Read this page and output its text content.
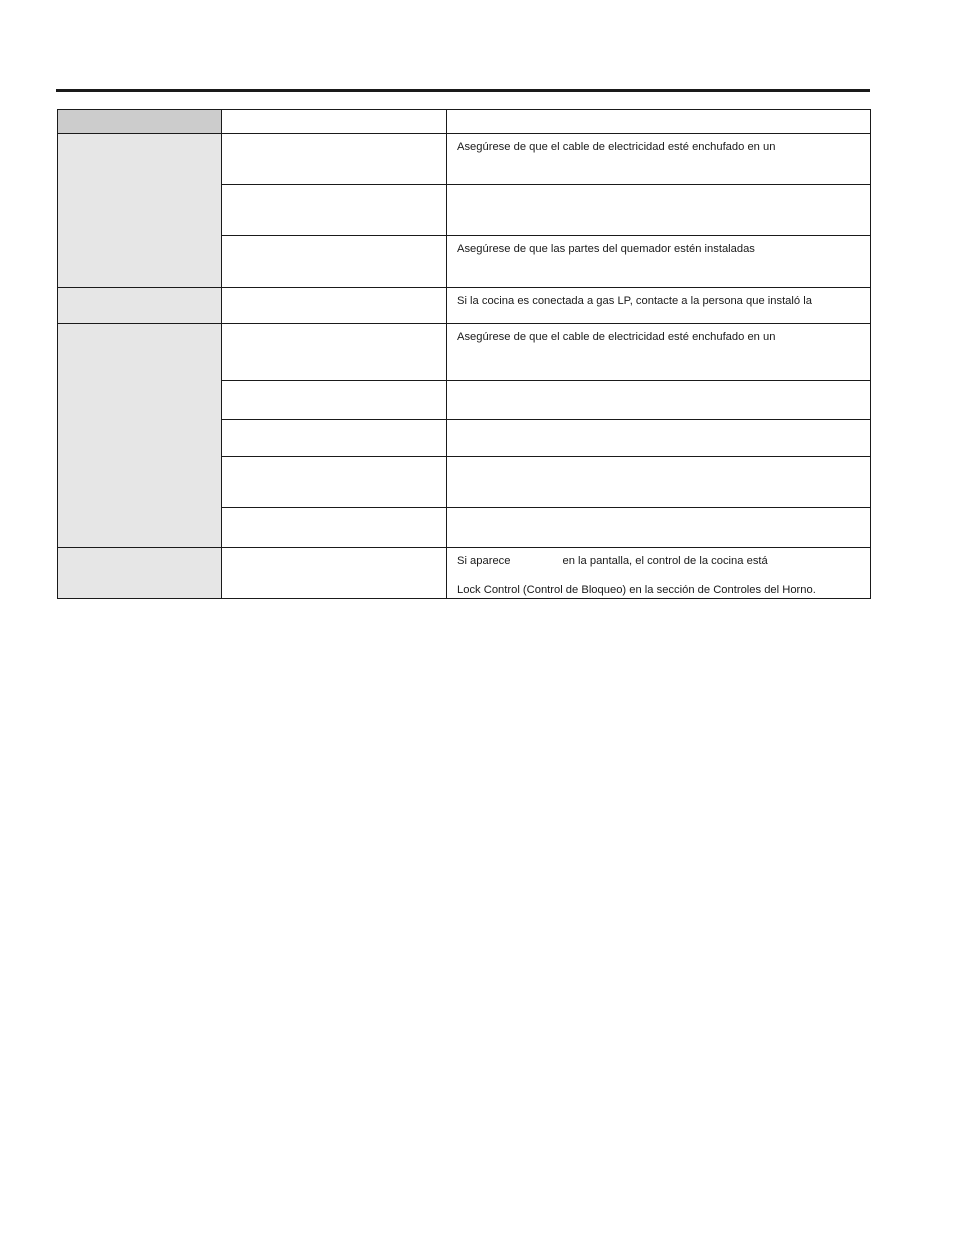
		Asegúrese de que el cable de electricidad esté enchufado en un

		Asegúrese de que las partes del quemador estén instaladas
		Si la cocina es conectada a gas LP, contacte a la persona que instaló la
		Asegúrese de que el cable de electricidad esté enchufado en un

		Si aparece en la pantalla, el control de la cocina está
Lock Control (Control de Bloqueo) en la sección de Controles del Horno.
